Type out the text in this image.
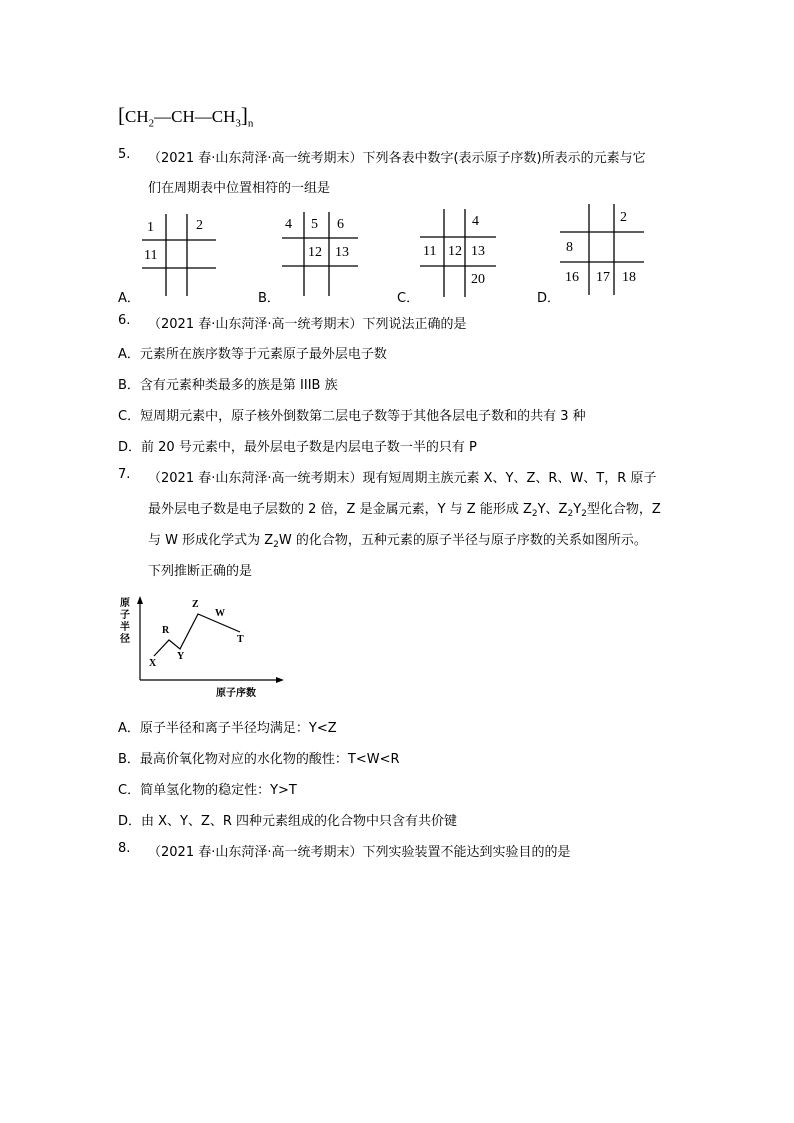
$[CH_2—CH—CH_3]_n$
5. （2021 春·山东菏泽·高一统考期末）下列各表中数字(表示原子序数)所表示的元素与它
们在周期表中位置相符的一组是
A．
1	2
11
B．
4 5 6
12 13
C．
4
11 12 13
20
D．
2
8
16 17 18
6. （2021 春·山东菏泽·高一统考期末）下列说法正确的是
A．元素所在族序数等于元素原子最外层电子数
B．含有元素种类最多的族是第 IIIB 族
C．短周期元素中，原子核外倒数第二层电子数等于其他各层电子数和的共有 3 种
D．前 20 号元素中，最外层电子数是内层电子数一半的只有 P
7. （2021 春·山东菏泽·高一统考期末）现有短周期主族元素 X、Y、Z、R、W、T，R 原子
最外层电子数是电子层数的 2 倍，Z 是金属元素，Y 与 Z 能形成 $Z_2Y$、$Z_2Y_2$型化合物，Z
与 W 形成化学式为 $Z_2W$ 的化合物，五种元素的原子半径与原子序数的关系如图所示。
下列推断正确的是
原
子
半
径
X
R
Y
Z
W
T
原子序数
A．原子半径和离子半径均满足：Y<Z
B．最高价氧化物对应的水化物的酸性：T<W<R
C．简单氢化物的稳定性：Y>T
D．由 X、Y、Z、R 四种元素组成的化合物中只含有共价键
8. （2021 春·山东菏泽·高一统考期末）下列实验装置不能达到实验目的的是
